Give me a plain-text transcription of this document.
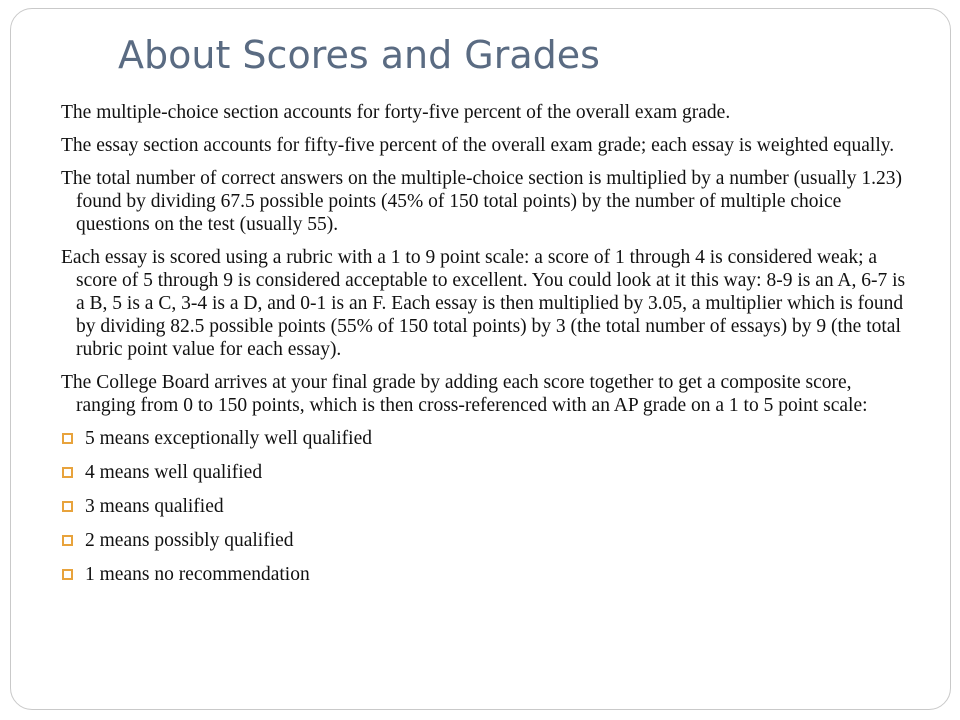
About Scores and Grades

The multiple-choice section accounts for forty-five percent of the overall exam grade.

The essay section accounts for fifty-five percent of the overall exam grade; each essay is weighted equally.

The total number of correct answers on the multiple-choice section is multiplied by a number (usually 1.23) found by dividing 67.5 possible points (45% of 150 total points) by the number of multiple choice questions on the test (usually 55).

Each essay is scored using a rubric with a 1 to 9 point scale: a score of 1 through 4 is considered weak; a score of 5 through 9 is considered acceptable to excellent. You could look at it this way: 8-9 is an A, 6-7 is a B, 5 is a C, 3-4 is a D, and 0-1 is an F. Each essay is then multiplied by 3.05, a multiplier which is found by dividing 82.5 possible points (55% of 150 total points) by 3 (the total number of essays) by 9 (the total rubric point value for each essay).

The College Board arrives at your final grade by adding each score together to get a composite score, ranging from 0 to 150 points, which is then cross-referenced with an AP grade on a 1 to 5 point scale:

5 means exceptionally well qualified
4 means well qualified
3 means qualified
2 means possibly qualified
1 means no recommendation
